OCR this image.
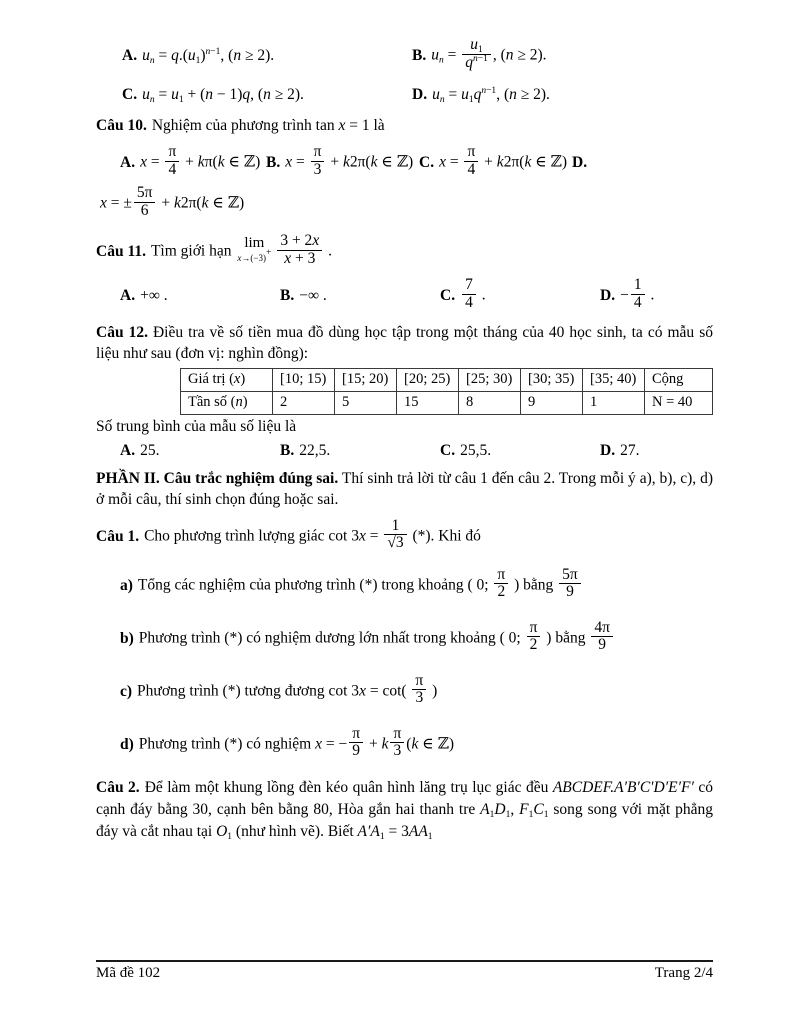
A. $u_n = q.(u_1)^{n-1}$, (n ≥ 2).	B. $u_n = \frac{u_1}{q^{n-1}}$ , (n ≥ 2).
C. $u_n = u_1 + (n - 1)q$, (n ≥ 2).	D. $u_n = u_1q^{n-1}$, (n ≥ 2).
Câu 10. Nghiệm của phương trình tan x = 1 là
A. $x = \frac{\pi}{4} + k\pi(k$ ∈ ℤ) B. $x = \frac{\pi}{3} + k2\pi(k$ ∈ ℤ) C. $x = \frac{\pi}{4} + k2\pi(k$ ∈ ℤ) D.
x = ± $\frac{5\pi}{6} + k2\pi(k$ ∈ ℤ)
Câu 11. Tìm giới hạn
lim
$x\to(-3)^+ \frac{3 + 2x}{x + 3}$ .
A. +∞ .	B. −∞ .	C. $\frac{7}{4}$ .	D. − $\frac{1}{4}$ .
Câu 12. Điều tra về số tiền mua đồ dùng học tập trong một tháng của 40 học sinh, ta có mẫu số liệu như sau (đơn vị: nghìn đồng):
Giá trị (x)	[10; 15)	[15; 20)	[20; 25)	[25; 30)	[30; 35)	[35; 40)	Cộng
Tần số (n)	2	5	15	8	9	1	N = 40
Số trung bình của mẫu số liệu là
A. 25.	B. 22,5.	C. 25,5.	D. 27.
PHẦN II. Câu trắc nghiệm đúng sai. Thí sinh trả lời từ câu 1 đến câu 2. Trong mỗi ý a), b), c), d) ở mỗi câu, thí sinh chọn đúng hoặc sai.
Câu 1. Cho phương trình lượng giác $\cot 3x = \frac{1}{√3}$ (*). Khi đó
a) Tổng các nghiệm của phương trình (*) trong khoảng ( 0; $\frac{\pi}{2}$ ) bằng $\frac{5\pi}{9}$
b) Phương trình (*) có nghiệm dương lớn nhất trong khoảng ( 0; $\frac{\pi}{2}$ ) bằng $\frac{4\pi}{9}$
c) Phương trình (*) tương đương $\cot 3x = \cot( \frac{\pi}{3}$ )
d) Phương trình (*) có nghiệm x = − $\frac{\pi}{9} + k \frac{\pi}{3} (k$ ∈ ℤ)
Câu 2. Để làm một khung lồng đèn kéo quân hình lăng trụ lục giác đều ABCDEF.A′B′C′D′E′F′ có cạnh đáy bằng 30, cạnh bên bằng 80, Hòa gắn hai thanh tre $A_1D_1$, $F_1C_1$ song song với mặt phẳng đáy và cắt nhau tại $O_1$ (như hình vẽ). Biết $A'A_1 = 3AA_1$
Mã đề 102	Trang 2/4
